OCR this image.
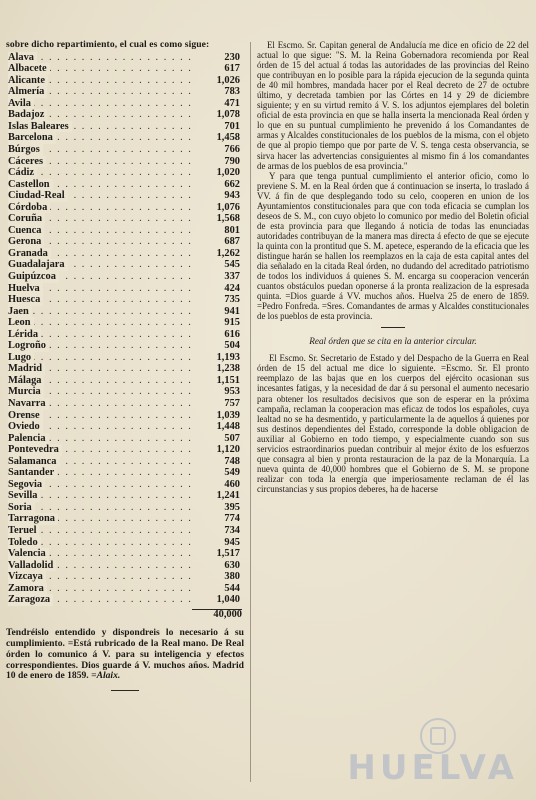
sobre dicho repartimiento, el cual es como sigue:
. . .
Alava	230
. . .
Albacete	617
. . .
Alicante	1,026
. . .
Almería	783
. . .
Avila	471
. . .
Badajoz	1,078
. . .
Islas Baleares	701
. . .
Barcelona	1,458
. . .
Búrgos	766
. . .
Cáceres	790
. . .
Cádiz	1,020
. . .
Castellon	662
. . .
Ciudad-Real	943
. . .
Córdoba	1,076
. . .
Coruña	1,568
. . .
Cuenca	801
. . .
Gerona	687
. . .
Granada	1,262
. . .
Guadalajara	545
. . .
Guipúzcoa	337
. . .
Huelva	424
. . .
Huesca	735
. . .
Jaen	941
. . .
Leon	915
. . .
Lérida	616
. . .
Logroño	504
. . .
Lugo	1,193
. . .
Madrid	1,238
. . .
Málaga	1,151
. . .
Murcia	953
. . .
Navarra	757
. . .
Orense	1,039
. . .
Oviedo	1,448
. . .
Palencia	507
. . .
Pontevedra	1,120
. . .
Salamanca	748
. . .
Santander	549
. . .
Segovia	460
. . .
Sevilla	1,241
. . .
Soria	395
. . .
Tarragona	774
. . .
Teruel	734
. . .
Toledo	945
. . .
Valencia	1,517
. . .
Valladolid	630
. . .
Vizcaya	380
. . .
Zamora	544
. . .
Zaragoza	1,040
40,000
Tendréislo entendido y dispondreis lo necesario á su cumplimiento. =Está rubricado de la Real mano. De Real órden lo comunico á V. para su inteligencia y efectos correspondientes. Dios guarde á V. muchos años. Madrid 10 de enero de 1859. =Alaix.

El Escmo. Sr. Capitan general de Andalucía me dice en oficio de 22 del actual lo que sigue: "S. M. la Reina Gobernadora recomienda por Real órden de 15 del actual á todas las autoridades de las provincias del Reino que contribuyan en lo posible para la rápida ejecucion de la segunda quinta de 40 mil hombres, mandada hacer por el Real decreto de 27 de octubre último, y decretada tambien por las Córtes en 14 y 29 de diciembre siguiente; y en su virtud remito á V. S. los adjuntos ejemplares del boletin oficial de esta provincia en que se halla inserta la mencionada Real órden y lo que en su puntual cumplimiento he prevenido á los Comandantes de armas y Alcaldes constitucionales de los pueblos de la misma, con el objeto de que al propio tiempo que por parte de V. S. tenga cesta observancia, se sirva hacer las advertencias consiguientes al mismo fin á los comandantes de armas de los pueblos de esa provincia."

Y para que tenga puntual cumplimiento el anterior oficio, como lo previene S. M. en la Real órden que á continuacion se inserta, lo traslado á VV. á fin de que desplegando todo su celo, cooperen en union de los Ayuntamientos constitucionales para que con toda eficacia se cumplan los deseos de S. M., con cuyo objeto lo comunico por medio del Boletin oficial de esta provincia para que llegando á noticia de todas las enunciadas autoridades contribuyan de la manera mas directa á efecto de que se ejecute la quinta con la prontitud que S. M. apetece, esperando de la eficacia que les distingue harán se hallen los reemplazos en la caja de esta capital antes del dia señalado en la citada Real órden, no dudando del acreditado patriotismo de todos los individuos á quienes S. M. encarga su cooperacion vencerán cuantos obstáculos puedan oponerse á la pronta realizacion de la espresada quinta. =Dios guarde á VV. muchos años. Huelva 25 de enero de 1859. =Pedro Fonfreda. =Sres. Comandantes de armas y Alcaldes constitucionales de los pueblos de esta provincia.

Real órden que se cita en la anterior circular.

El Escmo. Sr. Secretario de Estado y del Despacho de la Guerra en Real órden de 15 del actual me dice lo siguiente. =Escmo. Sr. El pronto reemplazo de las bajas que en los cuerpos del ejército ocasionan sus incesantes fatigas, y la necesidad de dar á su personal el aumento necesario para obtener los resultados decisivos que son de esperar en la próxima campaña, reclaman la cooperacion mas eficaz de todos los españoles, cuya lealtad no se ha desmentido, y particularmente la de aquellos á quienes por sus destinos dependientes del Estado, corresponde la doble obligacion de auxiliar al Gobierno en todo tiempo, y especialmente cuando son sus servicios estraordinarios puedan contribuir al mejor éxito de los esfuerzos que consagra al bien y pronta restauracion de la paz de la Monarquía. La nueva quinta de 40,000 hombres que el Gobierno de S. M. se propone realizar con toda la energía que imperiosamente reclaman de él las circunstancias y sus propios deberes, ha de hacerse

HUELVA
